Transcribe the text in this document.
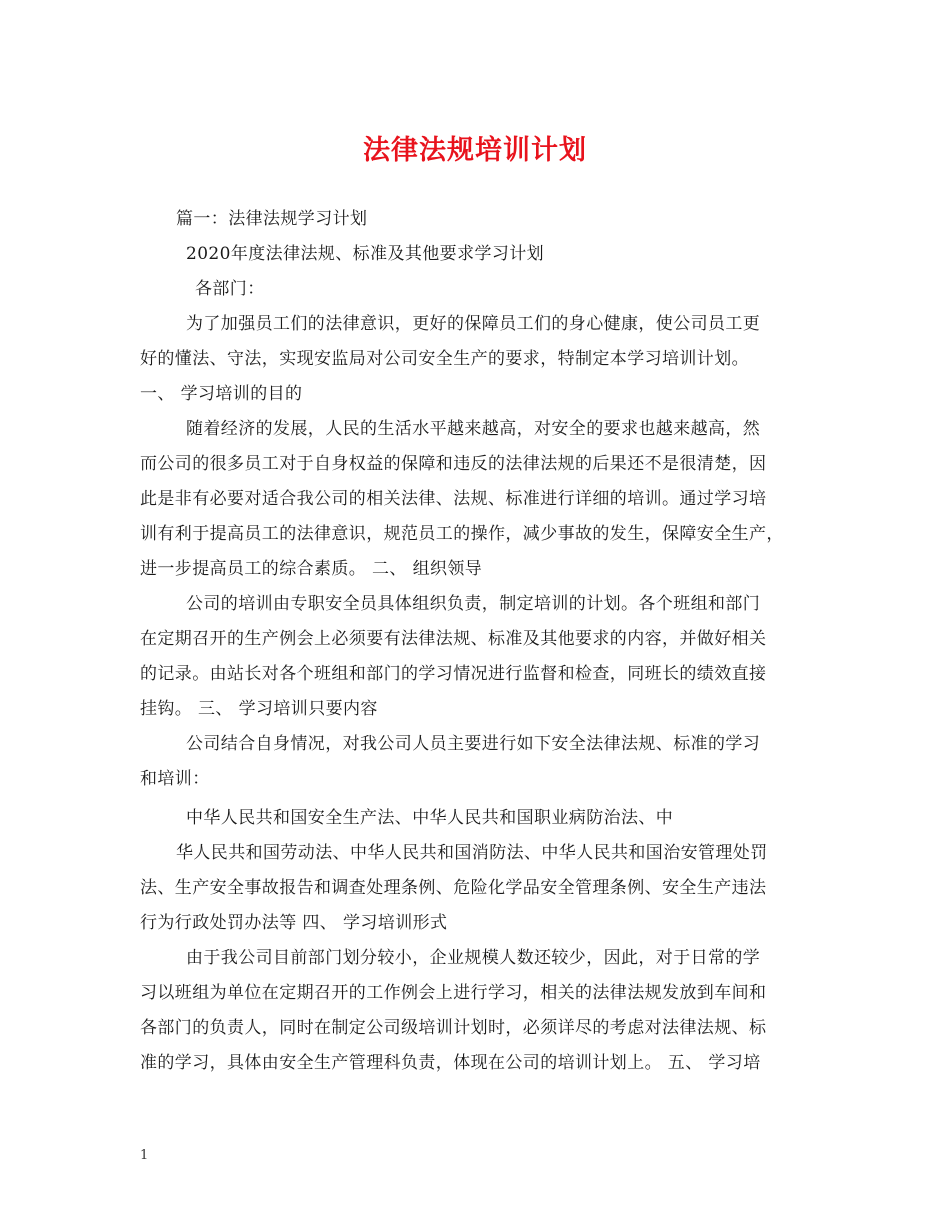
法律法规培训计划
篇一：法律法规学习计划
2020年度法律法规、标准及其他要求学习计划
各部门：
为了加强员工们的法律意识，更好的保障员工们的身心健康，使公司员工更
好的懂法、守法，实现安监局对公司安全生产的要求，特制定本学习培训计划。
一、 学习培训的目的
随着经济的发展，人民的生活水平越来越高，对安全的要求也越来越高，然
而公司的很多员工对于自身权益的保障和违反的法律法规的后果还不是很清楚，因
此是非有必要对适合我公司的相关法律、法规、标准进行详细的培训。通过学习培
训有利于提高员工的法律意识，规范员工的操作，减少事故的发生，保障安全生产，
进一步提高员工的综合素质。 二、 组织领导
公司的培训由专职安全员具体组织负责，制定培训的计划。各个班组和部门
在定期召开的生产例会上必须要有法律法规、标准及其他要求的内容，并做好相关
的记录。由站长对各个班组和部门的学习情况进行监督和检查，同班长的绩效直接
挂钩。 三、 学习培训只要内容
公司结合自身情况，对我公司人员主要进行如下安全法律法规、标准的学习
和培训：
中华人民共和国安全生产法、中华人民共和国职业病防治法、中
华人民共和国劳动法、中华人民共和国消防法、中华人民共和国治安管理处罚
法、生产安全事故报告和调查处理条例、危险化学品安全管理条例、安全生产违法
行为行政处罚办法等 四、 学习培训形式
由于我公司目前部门划分较小，企业规模人数还较少，因此，对于日常的学
习以班组为单位在定期召开的工作例会上进行学习，相关的法律法规发放到车间和
各部门的负责人，同时在制定公司级培训计划时，必须详尽的考虑对法律法规、标
准的学习，具体由安全生产管理科负责，体现在公司的培训计划上。 五、 学习培
1
